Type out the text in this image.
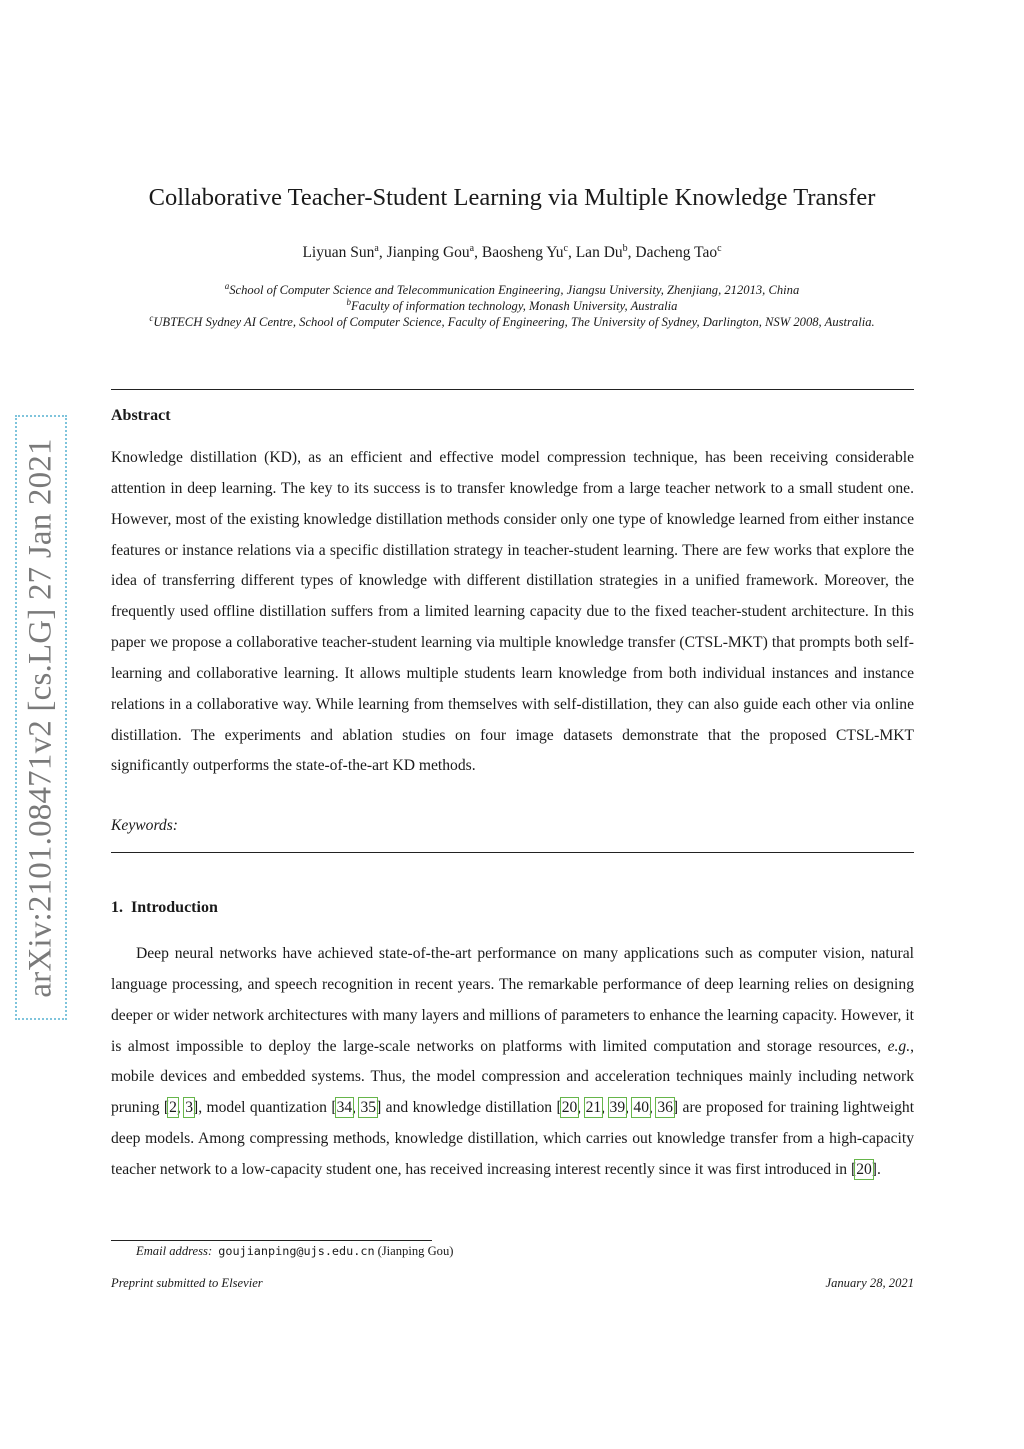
arXiv:2101.08471v2 [cs.LG] 27 Jan 2021
Collaborative Teacher-Student Learning via Multiple Knowledge Transfer
Liyuan Sun$^a$, Jianping Gou$^a$, Baosheng Yu$^c$, Lan Du$^b$, Dacheng Tao$^c$
$^a$School of Computer Science and Telecommunication Engineering, Jiangsu University, Zhenjiang, 212013, China
$^b$Faculty of information technology, Monash University, Australia
$^c$UBTECH Sydney AI Centre, School of Computer Science, Faculty of Engineering, The University of Sydney, Darlington, NSW 2008, Australia.
Abstract
Knowledge distillation (KD), as an efficient and effective model compression technique, has been receiving considerable attention in deep learning. The key to its success is to transfer knowledge from a large teacher network to a small student one. However, most of the existing knowledge distillation methods consider only one type of knowledge learned from either instance features or instance relations via a specific distillation strategy in teacher-student learning. There are few works that explore the idea of transferring different types of knowledge with different distillation strategies in a unified framework. Moreover, the frequently used offline distillation suffers from a limited learning capacity due to the fixed teacher-student architecture. In this paper we propose a collaborative teacher-student learning via multiple knowledge transfer (CTSL-MKT) that prompts both self-learning and collaborative learning. It allows multiple students learn knowledge from both individual instances and instance relations in a collaborative way. While learning from themselves with self-distillation, they can also guide each other via online distillation. The experiments and ablation studies on four image datasets demonstrate that the proposed CTSL-MKT significantly outperforms the state-of-the-art KD methods.
Keywords:
1. Introduction
Deep neural networks have achieved state-of-the-art performance on many applications such as computer vision, natural language processing, and speech recognition in recent years. The remarkable performance of deep learning relies on designing deeper or wider network architectures with many layers and millions of parameters to enhance the learning capacity. However, it is almost impossible to deploy the large-scale networks on platforms with limited computation and storage resources, e.g., mobile devices and embedded systems. Thus, the model compression and acceleration techniques mainly including network pruning [2, 3], model quantization [34, 35] and knowledge distillation [20, 21, 39, 40, 36] are proposed for training lightweight deep models. Among compressing methods, knowledge distillation, which carries out knowledge transfer from a high-capacity teacher network to a low-capacity student one, has received increasing interest recently since it was first introduced in [20].
Email address: goujianping@ujs.edu.cn (Jianping Gou)
Preprint submitted to Elsevier	January 28, 2021
